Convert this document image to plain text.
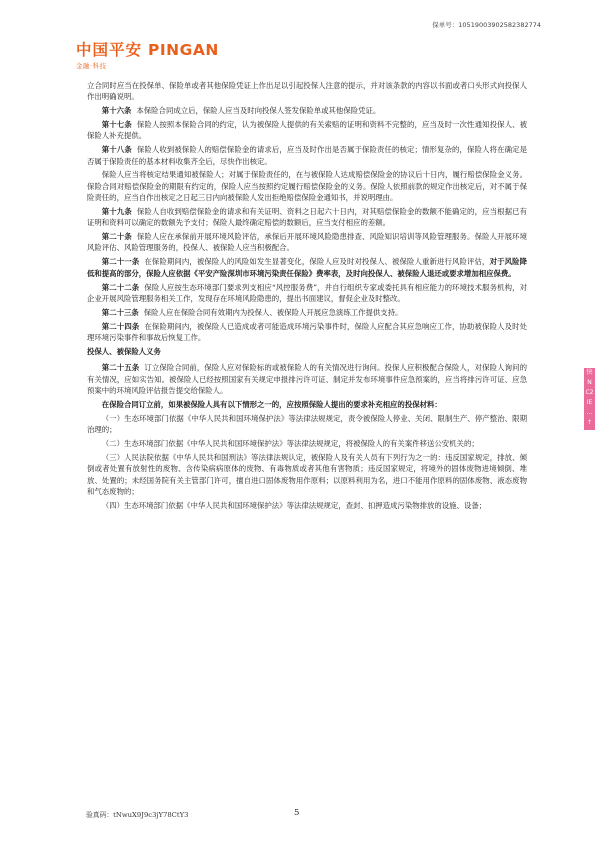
保单号：10519003902582382774
中国平安 PINGAN
金融·科技

立合同时应当在投保单、保险单或者其他保险凭证上作出足以引起投保人注意的提示，并对该条款的内容以书面或者口头形式向投保人作出明确说明。

第十六条 本保险合同成立后，保险人应当及时向投保人签发保险单或其他保险凭证。

第十七条 保险人按照本保险合同的约定，认为被保险人提供的有关索赔的证明和资料不完整的，应当及时一次性通知投保人、被保险人补充提供。

第十八条 保险人收到被保险人的赔偿保险金的请求后，应当及时作出是否属于保险责任的核定；情形复杂的，保险人将在确定是否属于保险责任的基本材料收集齐全后，尽快作出核定。

保险人应当将核定结果通知被保险人；对属于保险责任的，在与被保险人达成赔偿保险金的协议后十日内，履行赔偿保险金义务。保险合同对赔偿保险金的期限有约定的，保险人应当按照约定履行赔偿保险金的义务。保险人依照前款的规定作出核定后，对不属于保险责任的，应当自作出核定之日起三日内向被保险人发出拒绝赔偿保险金通知书，并说明理由。

第十九条 保险人自收到赔偿保险金的请求和有关证明、资料之日起六十日内，对其赔偿保险金的数额不能确定的，应当根据已有证明和资料可以确定的数额先予支付；保险人最终确定赔偿的数额后，应当支付相应的差额。

第二十条 保险人应在承保前开展环境风险评估，承保后开展环境风险隐患排查、风险知识培训等风险管理服务。保险人开展环境风险评估、风险管理服务的，投保人、被保险人应当积极配合。

第二十一条 在保险期间内，被保险人的风险如发生显著变化，保险人应及时对投保人、被保险人重新进行风险评估，对于风险降低和提高的部分，保险人应依据《平安产险深圳市环境污染责任保险》费率表，及时向投保人、被保险人退还或要求增加相应保费。

第二十二条 保险人应按生态环境部门要求列支相应“风控服务费”，并自行组织专家或委托具有相应能力的环境技术服务机构，对企业开展风险管理服务相关工作，发现存在环境风险隐患的，提出书面建议，督促企业及时整改。

第二十三条 保险人应在保险合同有效期内为投保人、被保险人开展应急演练工作提供支持。

第二十四条 在保险期间内，被保险人已造成或者可能造成环境污染事件时，保险人应配合其应急响应工作，协助被保险人及时处理环境污染事件和事故后恢复工作。

投保人、被保险人义务

第二十五条 订立保险合同前，保险人应对保险标的或被保险人的有关情况进行询问。投保人应积极配合保险人，对保险人询问的有关情况，应如实告知。被保险人已经按照国家有关规定申报排污许可证、制定并发布环境事件应急预案的，应当将排污许可证、应急预案中的环境风险评估报告提交给保险人。

在保险合同订立前，如果被保险人具有以下情形之一的，应按照保险人提出的要求补充相应的投保材料：

（一）生态环境部门依据《中华人民共和国环境保护法》等法律法规规定，责令被保险人停业、关闭、限制生产、停产整治、限期治理的；

（二）生态环境部门依据《中华人民共和国环境保护法》等法律法规规定，将被保险人的有关案件移送公安机关的；

（三）人民法院依据《中华人民共和国刑法》等法律法规认定，被保险人及有关人员有下列行为之一的：违反国家规定，排放、倾倒或者处置有放射性的废物、含传染病病原体的废物、有毒物质或者其他有害物质；违反国家规定，将境外的固体废物进境倾倒、堆放、处置的；未经国务院有关主管部门许可，擅自进口固体废物用作原料；以原料利用为名，进口不能用作原料的固体废物、液态废物和气态废物的；

（四）生态环境部门依据《中华人民共和国环境保护法》等法律法规规定，查封、扣押造成污染物排放的设施、设备；

快
N
C2
IE
…
↑
验真码：tNwuX9J9c3jY78CtY3	5
